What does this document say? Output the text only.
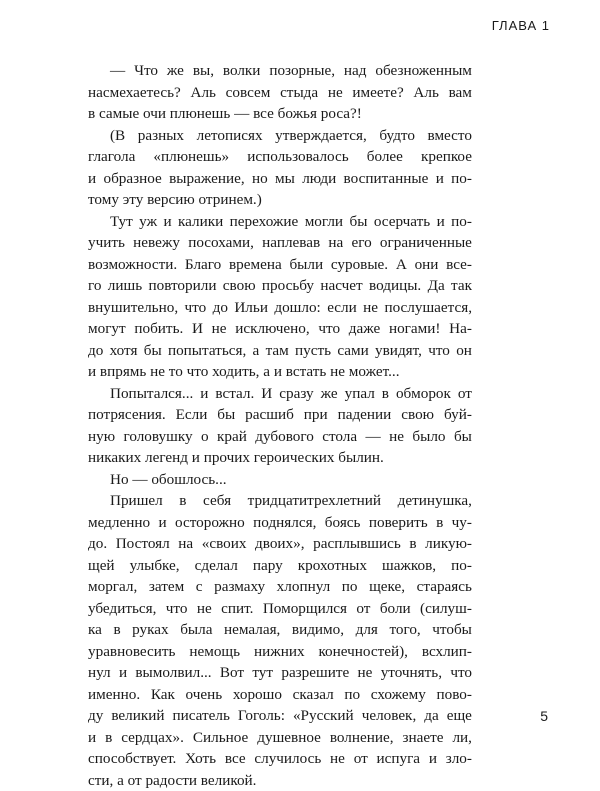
ГЛАВА 1
— Что же вы, волки позорные, над обезноженным
насмехаетесь? Аль совсем стыда не имеете? Аль вам
в самые очи плюнешь — все божья роса?!
(В разных летописях утверждается, будто вместо
глагола «плюнешь» использовалось более крепкое
и образное выражение, но мы люди воспитанные и по-
тому эту версию отринем.)
Тут уж и калики перехожие могли бы осерчать и по-
учить невежу посохами, наплевав на его ограниченные
возможности. Благо времена были суровые. А они все-
го лишь повторили свою просьбу насчет водицы. Да так
внушительно, что до Ильи дошло: если не послушается,
могут побить. И не исключено, что даже ногами! На-
до хотя бы попытаться, а там пусть сами увидят, что он
и впрямь не то что ходить, а и встать не может...
Попытался... и встал. И сразу же упал в обморок от
потрясения. Если бы расшиб при падении свою буй-
ную головушку о край дубового стола — не было бы
никаких легенд и прочих героических былин.
Но — обошлось...
Пришел в себя тридцатитрехлетний детинушка,
медленно и осторожно поднялся, боясь поверить в чу-
до. Постоял на «своих двоих», расплывшись в ликую-
щей улыбке, сделал пару крохотных шажков, по-
моргал, затем с размаху хлопнул по щеке, стараясь
убедиться, что не спит. Поморщился от боли (силуш-
ка в руках была немалая, видимо, для того, чтобы
уравновесить немощь нижних конечностей), всхлип-
нул и вымолвил... Вот тут разрешите не уточнять, что
именно. Как очень хорошо сказал по схожему пово-
ду великий писатель Гоголь: «Русский человек, да еще
и в сердцах». Сильное душевное волнение, знаете ли,
способствует. Хоть все случилось не от испуга и зло-
сти, а от радости великой.
5
